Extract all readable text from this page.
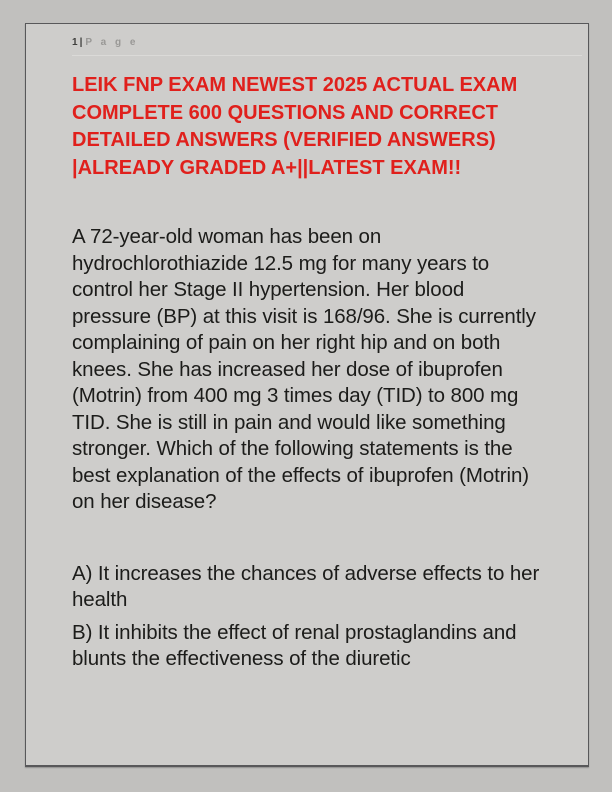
1 | P a g e
LEIK FNP EXAM NEWEST 2025 ACTUAL EXAM
COMPLETE 600 QUESTIONS AND CORRECT
DETAILED ANSWERS (VERIFIED ANSWERS)
|ALREADY GRADED A+||LATEST EXAM!!
A 72-year-old woman has been on
hydrochlorothiazide 12.5 mg for many years to
control her Stage II hypertension. Her blood
pressure (BP) at this visit is 168/96. She is currently
complaining of pain on her right hip and on both
knees. She has increased her dose of ibuprofen
(Motrin) from 400 mg 3 times day (TID) to 800 mg
TID. She is still in pain and would like something
stronger. Which of the following statements is the
best explanation of the effects of ibuprofen (Motrin)
on her disease?
A) It increases the chances of adverse effects to her
health
B) It inhibits the effect of renal prostaglandins and
blunts the effectiveness of the diuretic
